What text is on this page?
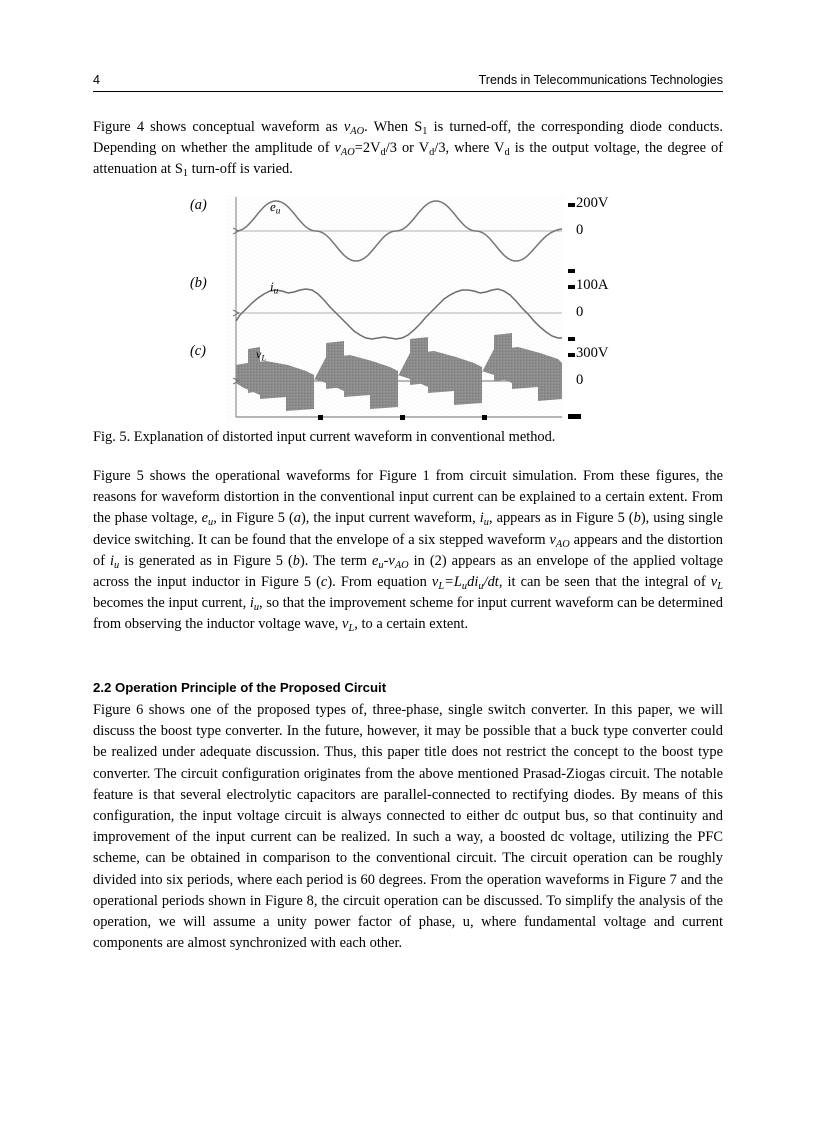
4	Trends in Telecommunications Technologies
Figure 4 shows conceptual waveform as $v_{AO}$. When $S_1$ is turned-off, the corresponding diode conducts. Depending on whether the amplitude of $v_{AO}=2V_d/3$ or $V_d/3$, where $V_d$ is the output voltage, the degree of attenuation at $S_1$ turn-off is varied.
(a)
(b)
(c)
$e_u$
$i_u$
$v_L$
200V
0
100A
0
300V
0
Fig. 5. Explanation of distorted input current waveform in conventional method.
Figure 5 shows the operational waveforms for Figure 1 from circuit simulation. From these figures, the reasons for waveform distortion in the conventional input current can be explained to a certain extent. From the phase voltage, $e_u$, in Figure 5 (a), the input current waveform, $i_u$, appears as in Figure 5 (b), using single device switching. It can be found that the envelope of a six stepped waveform $v_{AO}$ appears and the distortion of $i_u$ is generated as in Figure 5 (b). The term $e_u-v_{AO}$ in (2) appears as an envelope of the applied voltage across the input inductor in Figure 5 (c). From equation $v_L=L_udi_u/dt$, it can be seen that the integral of $v_L$ becomes the input current, $i_u$, so that the improvement scheme for input current waveform can be determined from observing the inductor voltage wave, $v_L$, to a certain extent.
2.2 Operation Principle of the Proposed Circuit
Figure 6 shows one of the proposed types of, three-phase, single switch converter. In this paper, we will discuss the boost type converter. In the future, however, it may be possible that a buck type converter could be realized under adequate discussion. Thus, this paper title does not restrict the concept to the boost type converter. The circuit configuration originates from the above mentioned Prasad-Ziogas circuit. The notable feature is that several electrolytic capacitors are parallel-connected to rectifying diodes. By means of this configuration, the input voltage circuit is always connected to either dc output bus, so that continuity and improvement of the input current can be realized. In such a way, a boosted dc voltage, utilizing the PFC scheme, can be obtained in comparison to the conventional circuit. The circuit operation can be roughly divided into six periods, where each period is 60 degrees. From the operation waveforms in Figure 7 and the operational periods shown in Figure 8, the circuit operation can be discussed. To simplify the analysis of the operation, we will assume a unity power factor of phase, u, where fundamental voltage and current components are almost synchronized with each other.
